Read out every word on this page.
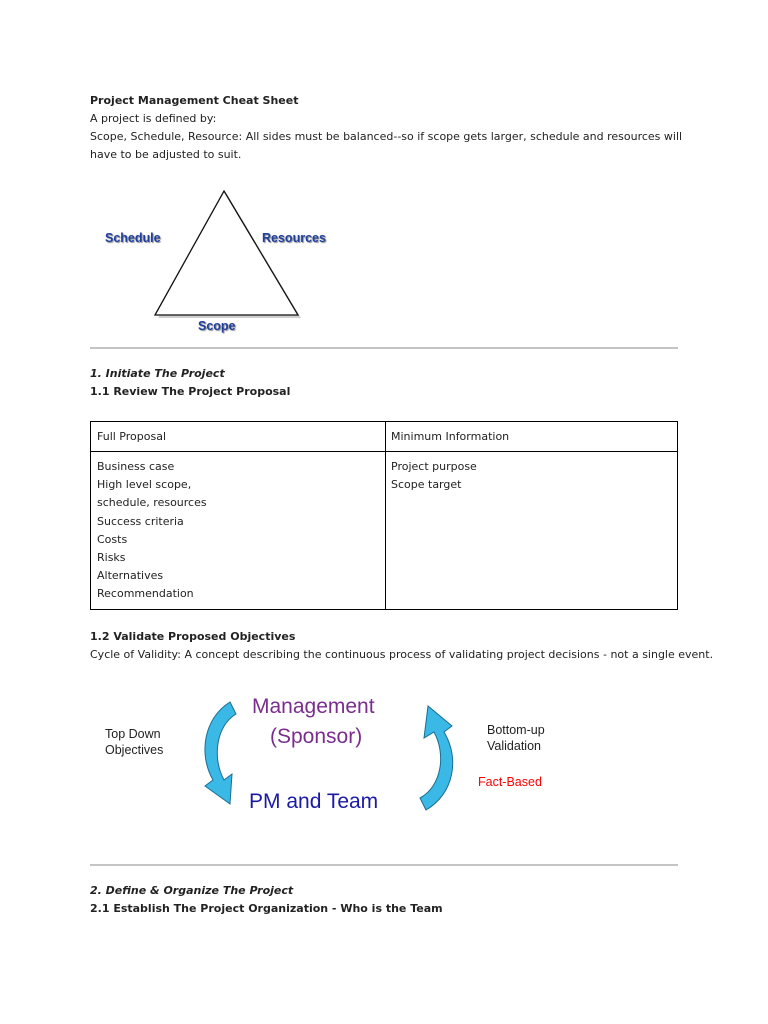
Project Management Cheat Sheet
A project is defined by:
Scope, Schedule, Resource: All sides must be balanced--so if scope gets larger, schedule and resources will
have to be adjusted to suit.
Schedule	Resources
Scope
1. Initiate The Project
1.1 Review The Project Proposal
Full Proposal	Minimum Information
Business case
High level scope,
schedule, resources
Success criteria
Costs
Risks
Alternatives
Recommendation
Project purpose
Scope target
1.2 Validate Proposed Objectives
Cycle of Validity: A concept describing the continuous process of validating project decisions - not a single event.
Management
(Sponsor)
PM and Team
Top Down
Objectives
Bottom-up
Validation
Fact-Based
2. Define & Organize The Project
2.1 Establish The Project Organization - Who is the Team
